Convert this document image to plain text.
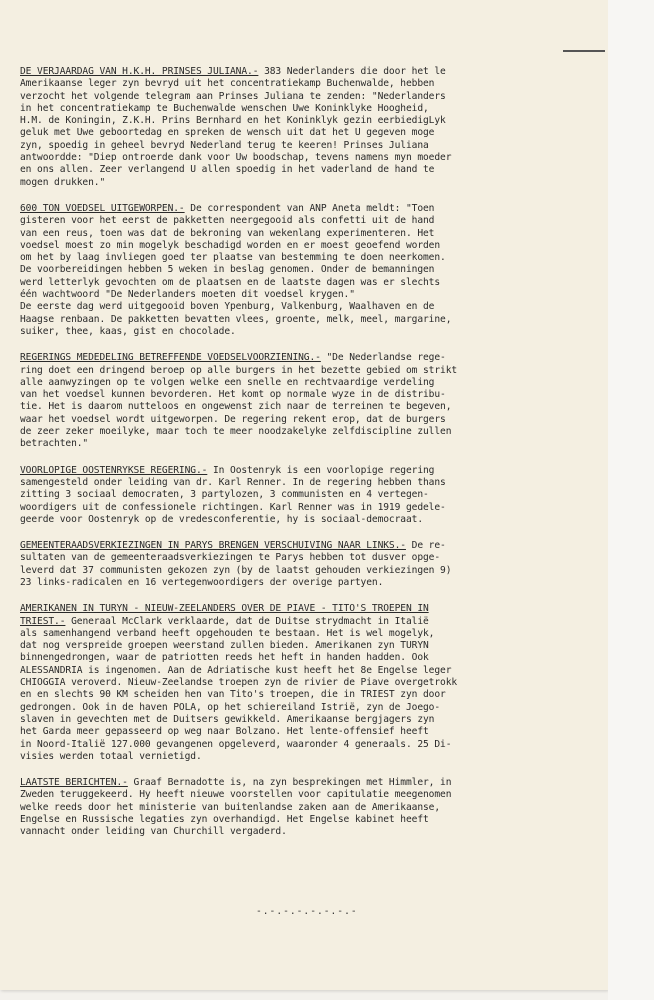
DE VERJAARDAG VAN H.K.H. PRINSES JULIANA.- 383 Nederlanders die door het le
Amerikaanse leger zyn bevryd uit het concentratiekamp Buchenwalde, hebben
verzocht het volgende telegram aan Prinses Juliana te zenden: "Nederlanders
in het concentratiekamp te Buchenwalde wenschen Uwe Koninklyke Hoogheid,
H.M. de Koningin, Z.K.H. Prins Bernhard en het Koninklyk gezin eerbiedigLyk
geluk met Uwe geboortedag en spreken de wensch uit dat het U gegeven moge
zyn, spoedig in geheel bevryd Nederland terug te keeren! Prinses Juliana
antwoordde: "Diep ontroerde dank voor Uw boodschap, tevens namens myn moeder
en ons allen. Zeer verlangend U allen spoedig in het vaderland de hand te
mogen drukken."
600 TON VOEDSEL UITGEWORPEN.- De correspondent van ANP Aneta meldt: "Toen
gisteren voor het eerst de pakketten neergegooid als confetti uit de hand
van een reus, toen was dat de bekroning van wekenlang experimenteren. Het
voedsel moest zo min mogelyk beschadigd worden en er moest geoefend worden
om het by laag invliegen goed ter plaatse van bestemming te doen neerkomen.
De voorbereidingen hebben 5 weken in beslag genomen. Onder de bemanningen
werd letterlyk gevochten om de plaatsen en de laatste dagen was er slechts
één wachtwoord "De Nederlanders moeten dit voedsel krygen."
De eerste dag werd uitgegooid boven Ypenburg, Valkenburg, Waalhaven en de
Haagse renbaan. De pakketten bevatten vlees, groente, melk, meel, margarine,
suiker, thee, kaas, gist en chocolade.
REGERINGS MEDEDELING BETREFFENDE VOEDSELVOORZIENING.- "De Nederlandse rege-
ring doet een dringend beroep op alle burgers in het bezette gebied om strikt
alle aanwyzingen op te volgen welke een snelle en rechtvaardige verdeling
van het voedsel kunnen bevorderen. Het komt op normale wyze in de distribu-
tie. Het is daarom nutteloos en ongewenst zich naar de terreinen te begeven,
waar het voedsel wordt uitgeworpen. De regering rekent erop, dat de burgers
de zeer zeker moeilyke, maar toch te meer noodzakelyke zelfdiscipline zullen
betrachten."
VOORLOPIGE OOSTENRYKSE REGERING.- In Oostenryk is een voorlopige regering
samengesteld onder leiding van dr. Karl Renner. In de regering hebben thans
zitting 3 sociaal democraten, 3 partylozen, 3 communisten en 4 vertegen-
woordigers uit de confessionele richtingen. Karl Renner was in 1919 gedele-
geerde voor Oostenryk op de vredesconferentie, hy is sociaal-democraat.
GEMEENTERAADSVERKIEZINGEN IN PARYS BRENGEN VERSCHUIVING NAAR LINKS.- De re-
sultaten van de gemeenteraadsverkiezingen te Parys hebben tot dusver opge-
leverd dat 37 communisten gekozen zyn (by de laatst gehouden verkiezingen 9)
23 links-radicalen en 16 vertegenwoordigers der overige partyen.
AMERIKANEN IN TURYN - NIEUW-ZEELANDERS OVER DE PIAVE - TITO'S TROEPEN IN
TRIEST.- Generaal McClark verklaarde, dat de Duitse strydmacht in Italië
als samenhangend verband heeft opgehouden te bestaan. Het is wel mogelyk,
dat nog verspreide groepen weerstand zullen bieden. Amerikanen zyn TURYN
binnengedrongen, waar de patriotten reeds het heft in handen hadden. Ook
ALESSANDRIA is ingenomen. Aan de Adriatische kust heeft het 8e Engelse leger
CHIOGGIA veroverd. Nieuw-Zeelandse troepen zyn de rivier de Piave overgetrokk
en en slechts 90 KM scheiden hen van Tito's troepen, die in TRIEST zyn door
gedrongen. Ook in de haven POLA, op het schiereiland Istrië, zyn de Joego-
slaven in gevechten met de Duitsers gewikkeld. Amerikaanse bergjagers zyn
het Garda meer gepasseerd op weg naar Bolzano. Het lente-offensief heeft
in Noord-Italië 127.000 gevangenen opgeleverd, waaronder 4 generaals. 25 Di-
visies werden totaal vernietigd.
LAATSTE BERICHTEN.- Graaf Bernadotte is, na zyn besprekingen met Himmler, in
Zweden teruggekeerd. Hy heeft nieuwe voorstellen voor capitulatie meegenomen
welke reeds door het ministerie van buitenlandse zaken aan de Amerikaanse,
Engelse en Russische legaties zyn overhandigd. Het Engelse kabinet heeft
vannacht onder leiding van Churchill vergaderd.
-.-.-.-.-.-.-.-
